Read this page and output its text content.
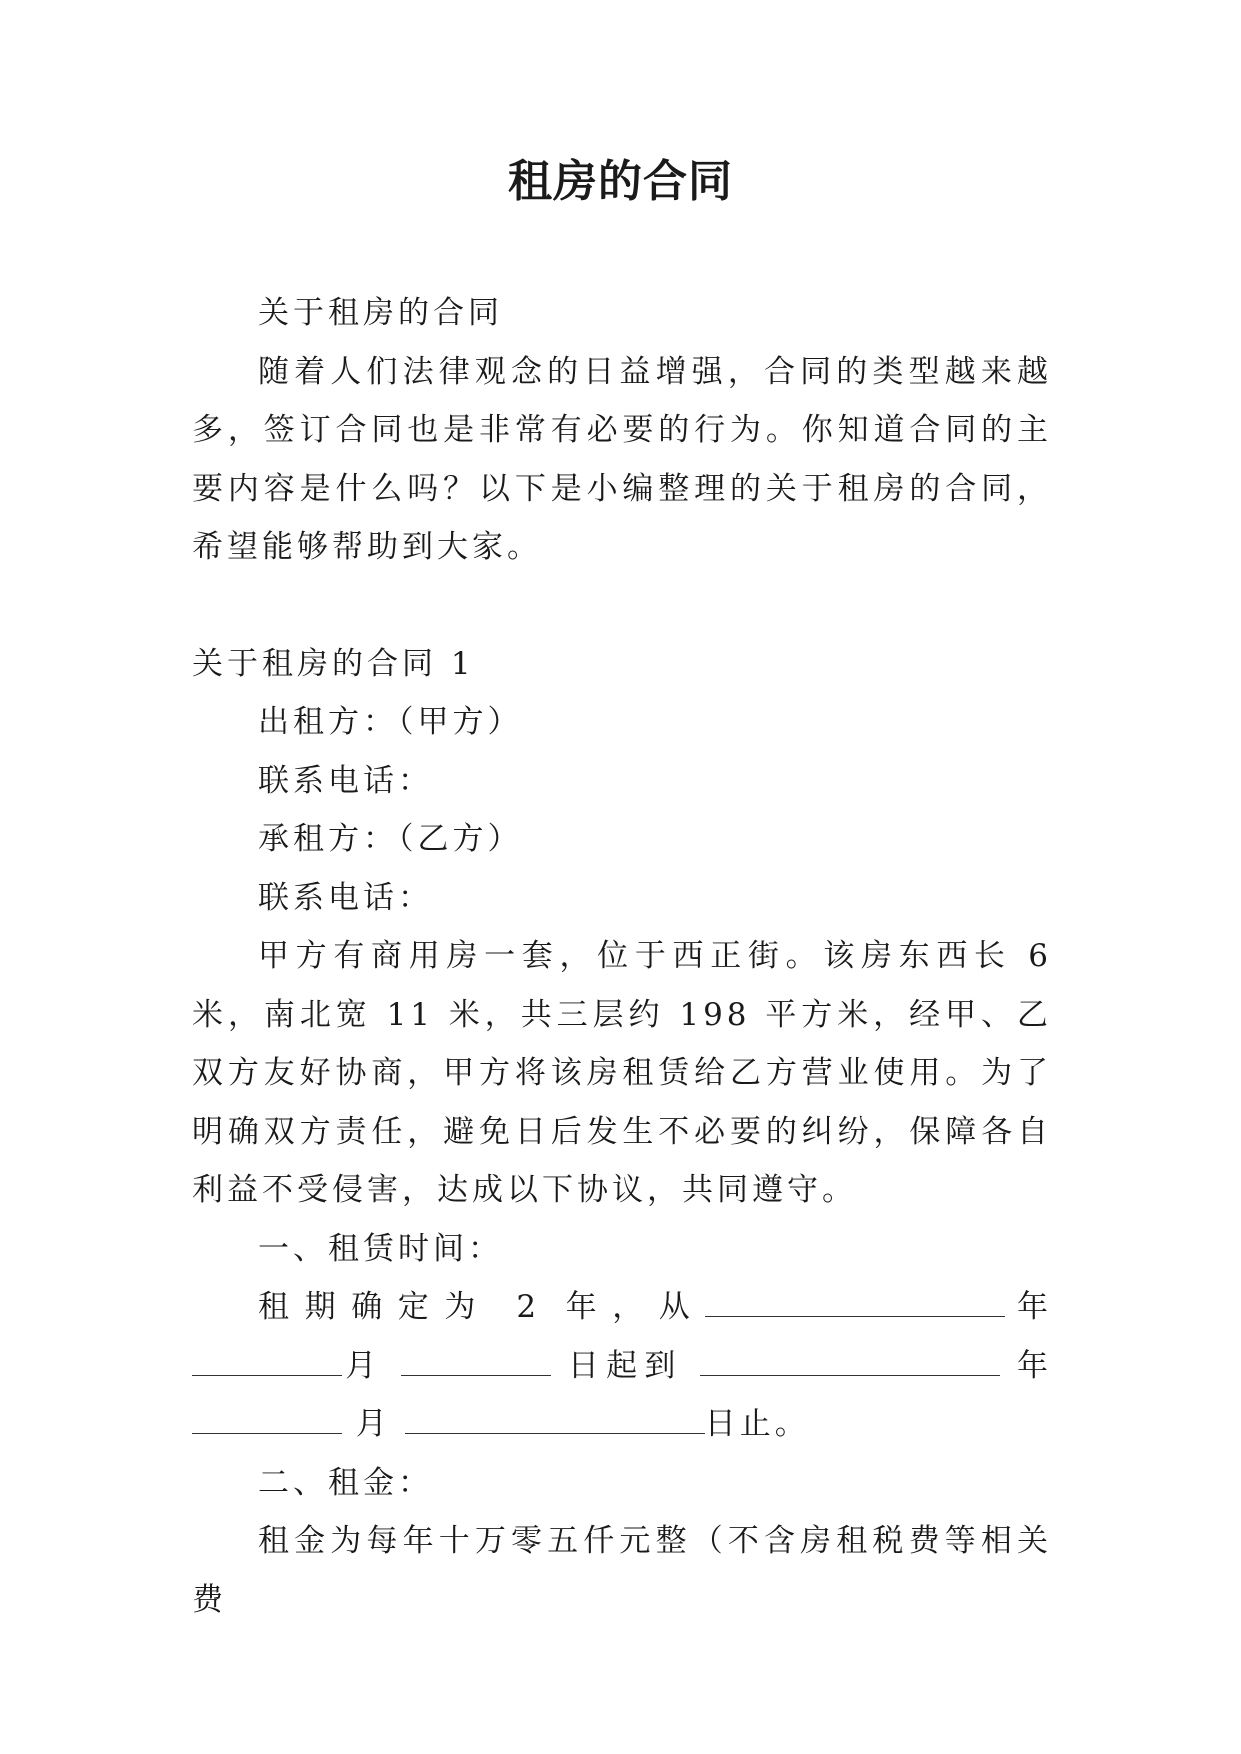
租房的合同

关于租房的合同

随着人们法律观念的日益增强，合同的类型越来越多，签订合同也是非常有必要的行为。你知道合同的主要内容是什么吗？以下是小编整理的关于租房的合同，希望能够帮助到大家。

关于租房的合同 1

出租方：（甲方）

联系电话：

承租方：（乙方）

联系电话：

甲方有商用房一套，位于西正街。该房东西长 6 米，南北宽 11 米，共三层约 198 平方米，经甲、乙双方友好协商，甲方将该房租赁给乙方营业使用。为了明确双方责任，避免日后发生不必要的纠纷，保障各自利益不受侵害，达成以下协议，共同遵守。

一、租赁时间：

租期确定为 2 年，从	年月	日起到	年  月	日止。

二、租金：

租金为每年十万零五仟元整（不含房租税费等相关费
